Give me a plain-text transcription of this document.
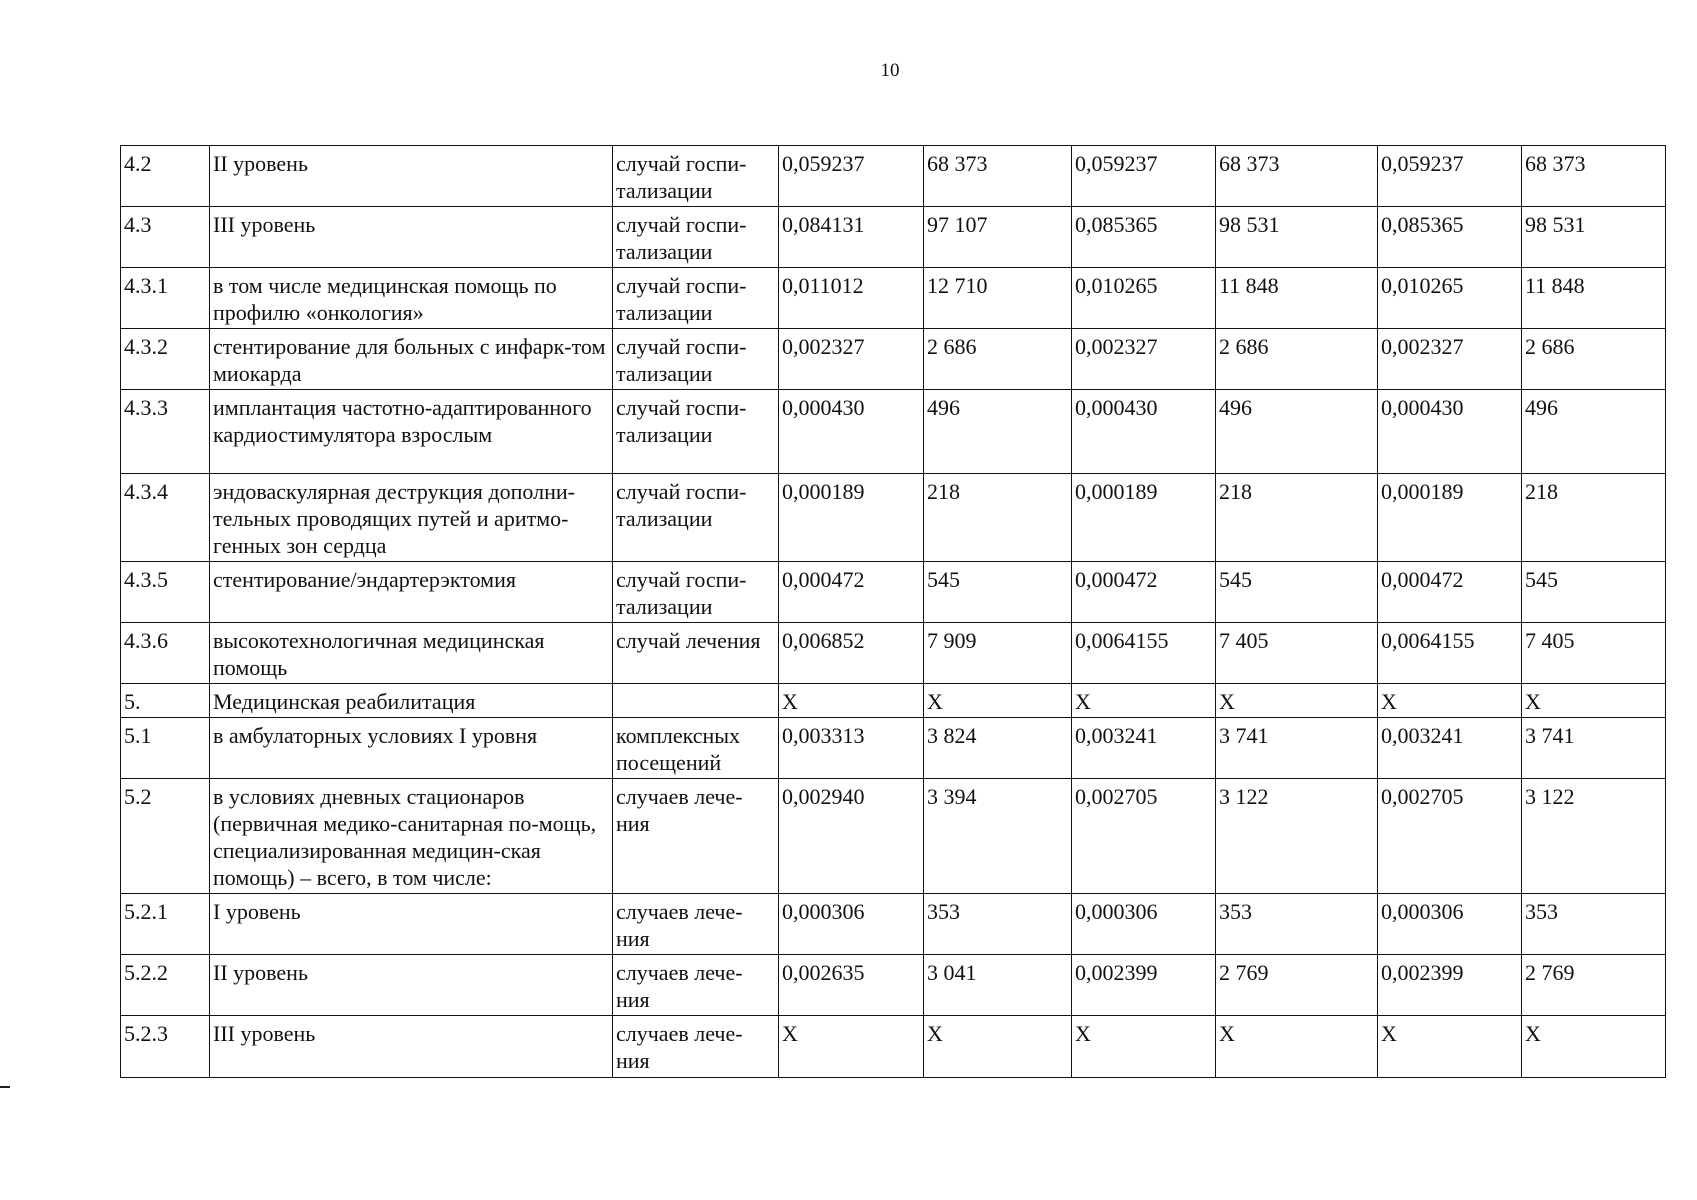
10
4.2	II уровень	случай госпи-тализации	0,059237	68 373	0,059237	68 373	0,059237	68 373
4.3	III уровень	случай госпи-тализации	0,084131	97 107	0,085365	98 531	0,085365	98 531
4.3.1	в том числе медицинская помощь по профилю «онкология»	случай госпи-тализации	0,011012	12 710	0,010265	11 848	0,010265	11 848
4.3.2	стентирование для больных с инфарк-том миокарда	случай госпи-тализации	0,002327	2 686	0,002327	2 686	0,002327	2 686
4.3.3	имплантация частотно-адаптированного кардиостимулятора взрослым	случай госпи-тализации	0,000430	496	0,000430	496	0,000430	496
4.3.4	эндоваскулярная деструкция дополни-тельных проводящих путей и аритмо-генных зон сердца	случай госпи-тализации	0,000189	218	0,000189	218	0,000189	218
4.3.5	стентирование/эндартерэктомия	случай госпи-тализации	0,000472	545	0,000472	545	0,000472	545
4.3.6	высокотехнологичная медицинская помощь	случай лечения	0,006852	7 909	0,0064155	7 405	0,0064155	7 405
5.	Медицинская реабилитация		X	X	X	X	X	X
5.1	в амбулаторных условиях I уровня	комплексных посещений	0,003313	3 824	0,003241	3 741	0,003241	3 741
5.2	в условиях дневных стационаров (первичная медико-санитарная по-мощь, специализированная медицин-ская помощь) – всего, в том числе:	случаев лече-ния	0,002940	3 394	0,002705	3 122	0,002705	3 122
5.2.1	I уровень	случаев лече-ния	0,000306	353	0,000306	353	0,000306	353
5.2.2	II уровень	случаев лече-ния	0,002635	3 041	0,002399	2 769	0,002399	2 769
5.2.3	III уровень	случаев лече-ния	X	X	X	X	X	X
